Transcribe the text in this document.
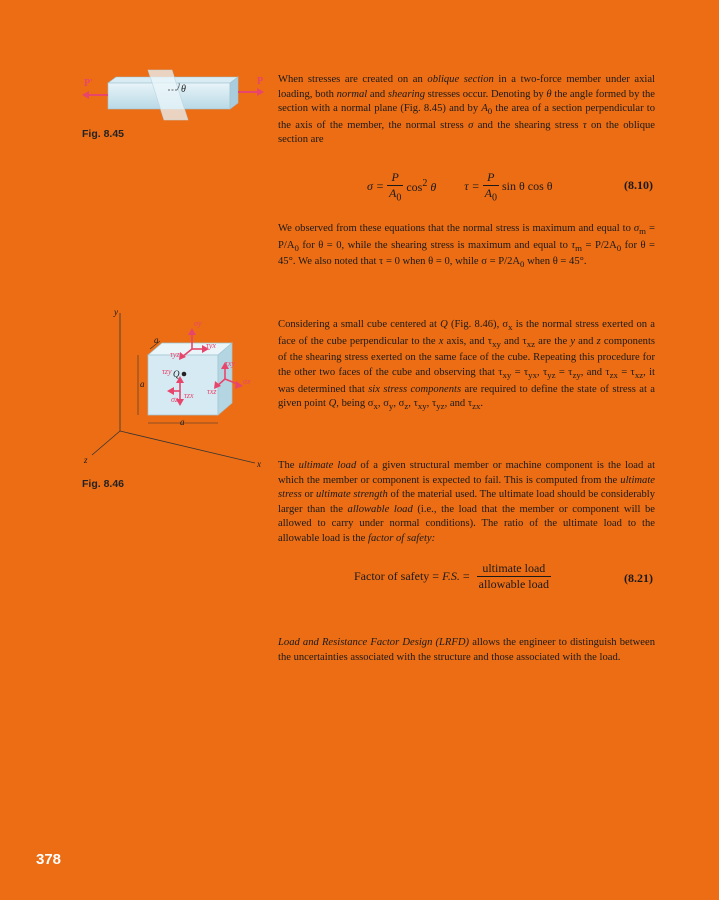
P'	P
θ
Fig. 8.45

When stresses are created on an oblique section in a two-force member under axial loading, both normal and shearing stresses occur. Denoting by θ the angle formed by the section with a normal plane (Fig. 8.45) and by $A_0$ the area of a section perpendicular to the axis of the member, the normal stress σ and the shearing stress τ on the oblique section are

$\sigma = \frac{P}{A_0} \cos^2 \theta$ $\tau = \frac{P}{A_0}$ sin θ cos θ	(8.10)

We observed from these equations that the normal stress is maximum and equal to $\sigma_m = P/A_0$ for θ = 0, while the shearing stress is maximum and equal to $\tau_m = P/2A_0$ for θ = 45°. We also noted that τ = 0 when θ = 0, while $\sigma = P/2A_0$ when θ = 45°.

y
x
z
Q
a
a
a
σy
σx
σz
τyx
τyz
τxy
τzy
τzx τxz
Fig. 8.46

Considering a small cube centered at Q (Fig. 8.46), $\sigma_x$ is the normal stress exerted on a face of the cube perpendicular to the x axis, and $\tau_{xy}$ and $\tau_{xz}$ are the y and z components of the shearing stress exerted on the same face of the cube. Repeating this procedure for the other two faces of the cube and observing that $\tau_{xy} = \tau_{yx}$, $\tau_{yz} = \tau_{zy}$, and $\tau_{zx} = \tau_{xz}$, it was determined that six stress components are required to define the state of stress at a given point Q, being $\sigma_x$, $\sigma_y$, $\sigma_z$, $\tau_{xy}$, $\tau_{yz}$, and $\tau_{zx}$.

The ultimate load of a given structural member or machine component is the load at which the member or component is expected to fail. This is computed from the ultimate stress or ultimate strength of the material used. The ultimate load should be considerably larger than the allowable load (i.e., the load that the member or component will be allowed to carry under normal conditions). The ratio of the ultimate load to the allowable load is the factor of safety:

Factor of safety = F.S. = $\frac{\text{ultimate load}}{\text{allowable load}}$	(8.21)

Load and Resistance Factor Design (LRFD) allows the engineer to distinguish between the uncertainties associated with the structure and those associated with the load.

378
